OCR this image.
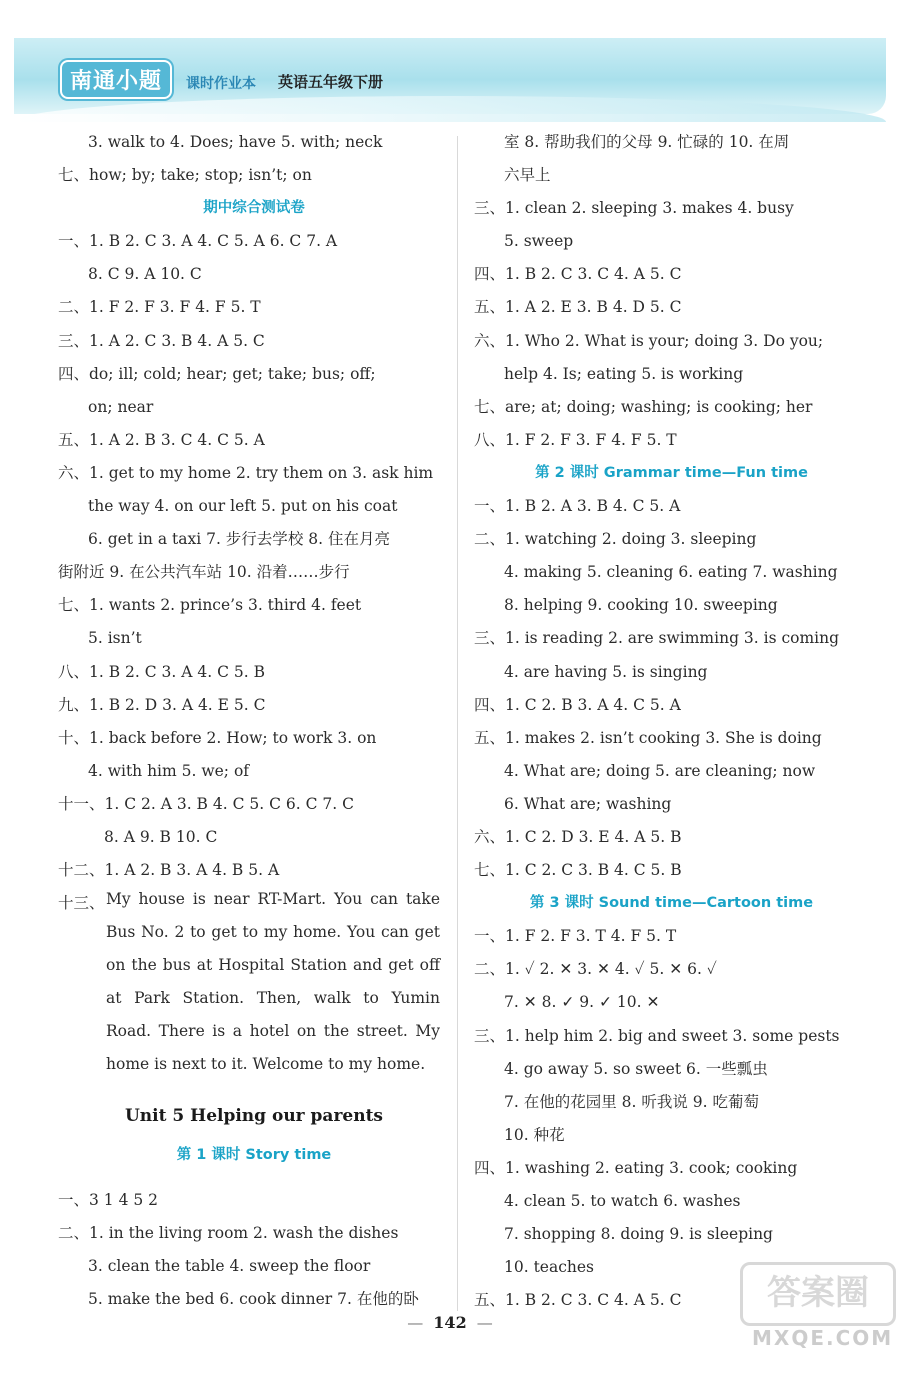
南通小题	课时作业本 英语五年级下册
3. walk to 4. Does; have 5. with; neck
七、how; by; take; stop; isn’t; on
期中综合测试卷
一、1. B 2. C 3. A 4. C 5. A 6. C 7. A
8. C 9. A 10. C
二、1. F 2. F 3. F 4. F 5. T
三、1. A 2. C 3. B 4. A 5. C
四、do; ill; cold; hear; get; take; bus; off;
on; near
五、1. A 2. B 3. C 4. C 5. A
六、1. get to my home 2. try them on 3. ask him
the way 4. on our left 5. put on his coat
6. get in a taxi 7. 步行去学校 8. 住在月亮
街附近 9. 在公共汽车站 10. 沿着……步行
七、1. wants 2. prince’s 3. third 4. feet
5. isn’t
八、1. B 2. C 3. A 4. C 5. B
九、1. B 2. D 3. A 4. E 5. C
十、1. back before 2. How; to work 3. on
4. with him 5. we; of
十一、1. C 2. A 3. B 4. C 5. C 6. C 7. C
8. A 9. B 10. C
十二、1. A 2. B 3. A 4. B 5. A
十三、
Unit 5 Helping our parents
第 1 课时 Story time
一、3 1 4 5 2
二、1. in the living room 2. wash the dishes
3. clean the table 4. sweep the floor
5. make the bed 6. cook dinner 7. 在他的卧
My house is near RT-Mart. You can take Bus No. 2 to get to my home. You can get on the bus at Hospital Station and get off at Park Station. Then, walk to Yumin Road. There is a hotel on the street. My home is next to it. Welcome to my home.
室 8. 帮助我们的父母 9. 忙碌的 10. 在周
六早上
三、1. clean 2. sleeping 3. makes 4. busy
5. sweep
四、1. B 2. C 3. C 4. A 5. C
五、1. A 2. E 3. B 4. D 5. C
六、1. Who 2. What is your; doing 3. Do you;
help 4. Is; eating 5. is working
七、are; at; doing; washing; is cooking; her
八、1. F 2. F 3. F 4. F 5. T
第 2 课时 Grammar time—Fun time
一、1. B 2. A 3. B 4. C 5. A
二、1. watching 2. doing 3. sleeping
4. making 5. cleaning 6. eating 7. washing
8. helping 9. cooking 10. sweeping
三、1. is reading 2. are swimming 3. is coming
4. are having 5. is singing
四、1. C 2. B 3. A 4. C 5. A
五、1. makes 2. isn’t cooking 3. She is doing
4. What are; doing 5. are cleaning; now
6. What are; washing
六、1. C 2. D 3. E 4. A 5. B
七、1. C 2. C 3. B 4. C 5. B
第 3 课时 Sound time—Cartoon time
一、1. F 2. F 3. T 4. F 5. T
二、1. ✓ 2. ✕ 3. ✕ 4. ✓ 5. ✕ 6. ✓
7. ✕ 8. ✓ 9. ✓ 10. ✕
三、1. help him 2. big and sweet 3. some pests
4. go away 5. so sweet 6. 一些瓢虫
7. 在他的花园里 8. 听我说 9. 吃葡萄
10. 种花
四、1. washing 2. eating 3. cook; cooking
4. clean 5. to watch 6. washes
7. shopping 8. doing 9. is sleeping
10. teaches
五、1. B 2. C 3. C 4. A 5. C
— 142 —
答案圈
MXQE.COM
